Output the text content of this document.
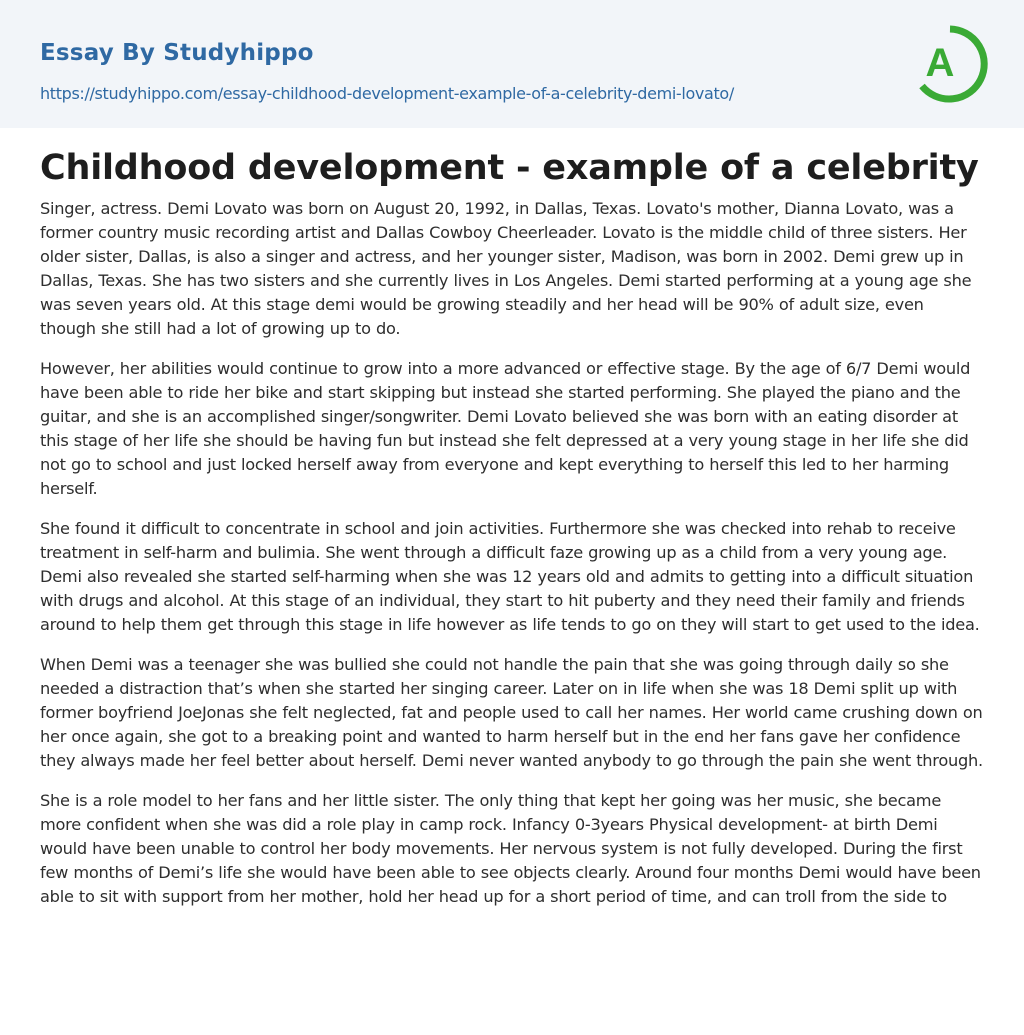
Essay By Studyhippo
https://studyhippo.com/essay-childhood-development-example-of-a-celebrity-demi-lovato/
A
Childhood development - example of a celebrity

Singer, actress. Demi Lovato was born on August 20, 1992, in Dallas, Texas. Lovato's mother, Dianna Lovato, was a former country music recording artist and Dallas Cowboy Cheerleader. Lovato is the middle child of three sisters. Her older sister, Dallas, is also a singer and actress, and her younger sister, Madison, was born in 2002. Demi grew up in Dallas, Texas. She has two sisters and she currently lives in Los Angeles. Demi started performing at a young age she was seven years old. At this stage demi would be growing steadily and her head will be 90% of adult size, even though she still had a lot of growing up to do.

However, her abilities would continue to grow into a more advanced or effective stage. By the age of 6/7 Demi would have been able to ride her bike and start skipping but instead she started performing. She played the piano and the guitar, and she is an accomplished singer/songwriter. Demi Lovato believed she was born with an eating disorder at this stage of her life she should be having fun but instead she felt depressed at a very young stage in her life she did not go to school and just locked herself away from everyone and kept everything to herself this led to her harming herself.

She found it difficult to concentrate in school and join activities. Furthermore she was checked into rehab to receive treatment in self-harm and bulimia. She went through a difficult faze growing up as a child from a very young age. Demi also revealed she started self-harming when she was 12 years old and admits to getting into a difficult situation with drugs and alcohol. At this stage of an individual, they start to hit puberty and they need their family and friends around to help them get through this stage in life however as life tends to go on they will start to get used to the idea.

When Demi was a teenager she was bullied she could not handle the pain that she was going through daily so she needed a distraction that’s when she started her singing career. Later on in life when she was 18 Demi split up with former boyfriend JoeJonas she felt neglected, fat and people used to call her names. Her world came crushing down on her once again, she got to a breaking point and wanted to harm herself but in the end her fans gave her confidence they always made her feel better about herself. Demi never wanted anybody to go through the pain she went through.

She is a role model to her fans and her little sister. The only thing that kept her going was her music, she became more confident when she was did a role play in camp rock. Infancy 0-3years Physical development- at birth Demi would have been unable to control her body movements. Her nervous system is not fully developed. During the first few months of Demi’s life she would have been able to see objects clearly. Around four months Demi would have been able to sit with support from her mother, hold her head up for a short period of time, and can troll from the side to
